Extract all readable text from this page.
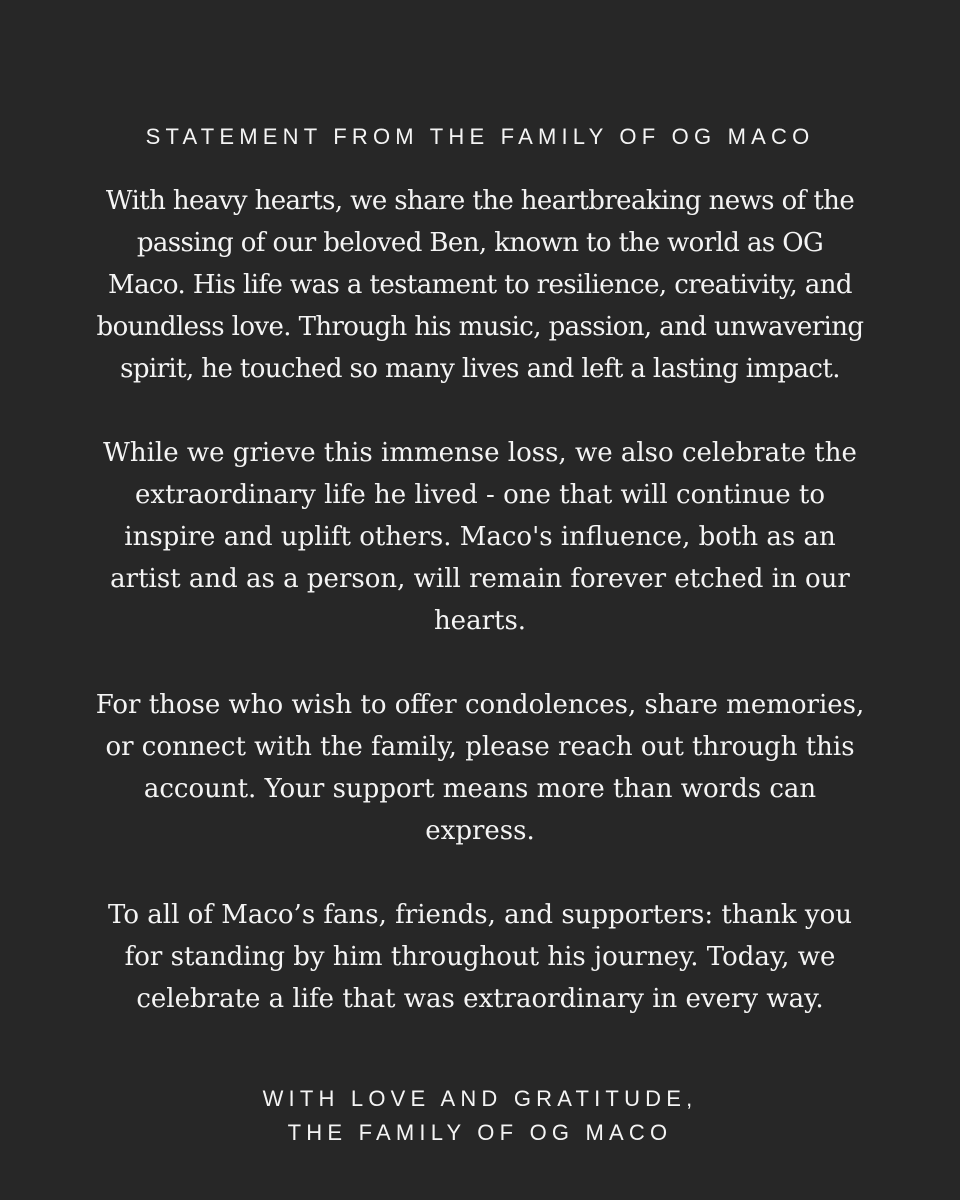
STATEMENT FROM THE FAMILY OF OG MACO

With heavy hearts, we share the heartbreaking news of the passing of our beloved Ben, known to the world as OG Maco. His life was a testament to resilience, creativity, and boundless love. Through his music, passion, and unwavering spirit, he touched so many lives and left a lasting impact.

While we grieve this immense loss, we also celebrate the extraordinary life he lived - one that will continue to inspire and uplift others. Maco's influence, both as an artist and as a person, will remain forever etched in our hearts.

For those who wish to offer condolences, share memories, or connect with the family, please reach out through this account. Your support means more than words can express.

To all of Maco’s fans, friends, and supporters: thank you for standing by him throughout his journey. Today, we celebrate a life that was extraordinary in every way.

WITH LOVE AND GRATITUDE,
THE FAMILY OF OG MACO
